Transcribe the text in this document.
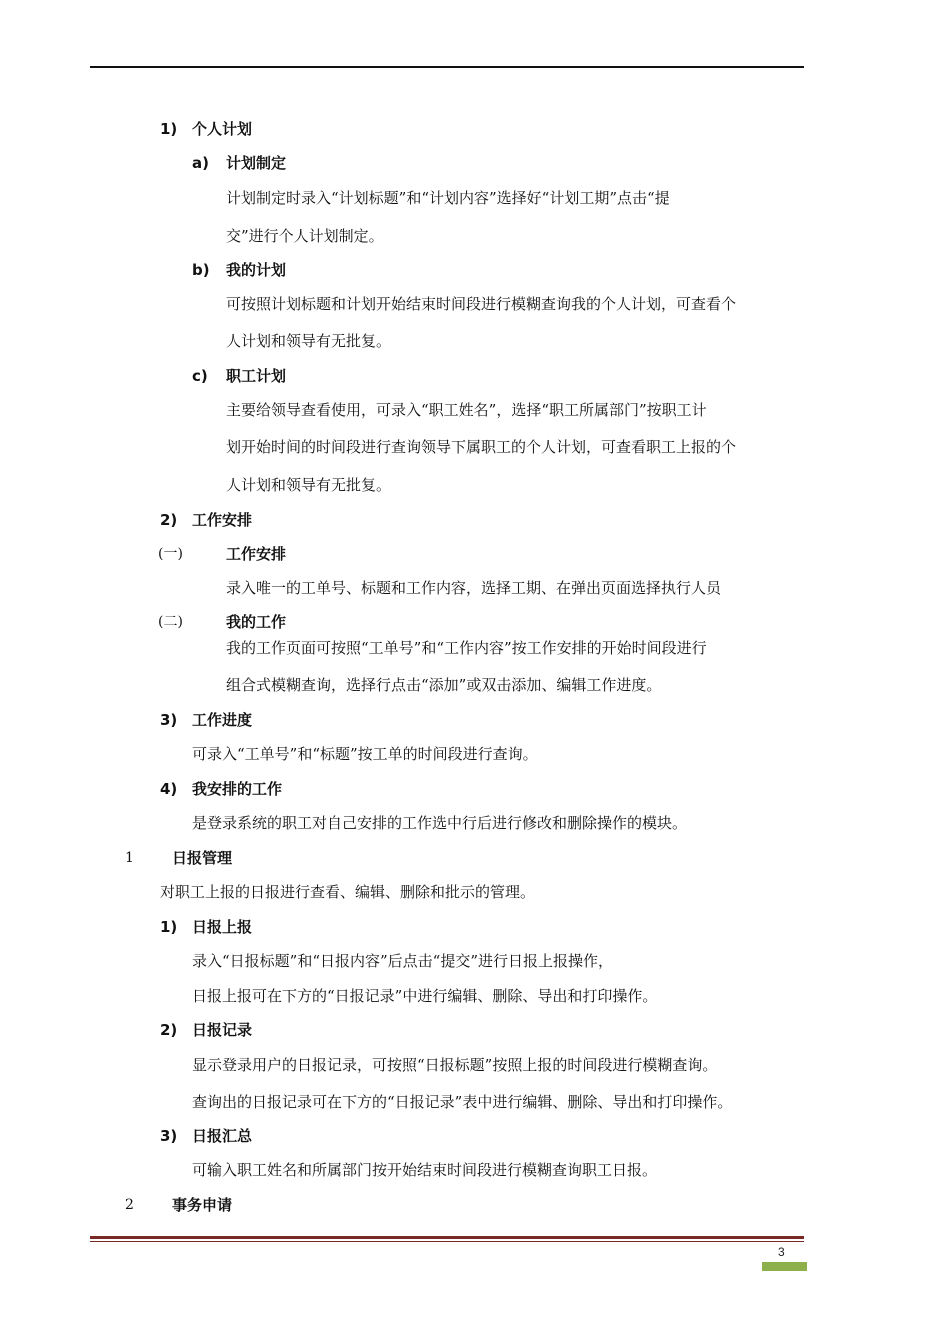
1) 个人计划
a) 计划制定
计划制定时录入“计划标题”和“计划内容”选择好“计划工期”点击“提
交”进行个人计划制定。
b) 我的计划
可按照计划标题和计划开始结束时间段进行模糊查询我的个人计划，可查看个
人计划和领导有无批复。
c) 职工计划
主要给领导查看使用，可录入“职工姓名”，选择“职工所属部门”按职工计
划开始时间的时间段进行查询领导下属职工的个人计划，可查看职工上报的个
人计划和领导有无批复。
2) 工作安排
(一)	工作安排
录入唯一的工单号、标题和工作内容，选择工期、在弹出页面选择执行人员
(二)	我的工作
我的工作页面可按照“工单号”和“工作内容”按工作安排的开始时间段进行
组合式模糊查询，选择行点击“添加”或双击添加、编辑工作进度。
3) 工作进度
可录入“工单号”和“标题”按工单的时间段进行查询。
4) 我安排的工作
是登录系统的职工对自己安排的工作选中行后进行修改和删除操作的模块。
1	日报管理
对职工上报的日报进行查看、编辑、删除和批示的管理。
1) 日报上报
录入“日报标题”和“日报内容”后点击“提交”进行日报上报操作，
日报上报可在下方的“日报记录”中进行编辑、删除、导出和打印操作。
2) 日报记录
显示登录用户的日报记录，可按照“日报标题”按照上报的时间段进行模糊查询。
查询出的日报记录可在下方的“日报记录”表中进行编辑、删除、导出和打印操作。
3) 日报汇总
可输入职工姓名和所属部门按开始结束时间段进行模糊查询职工日报。
2	事务申请
3
